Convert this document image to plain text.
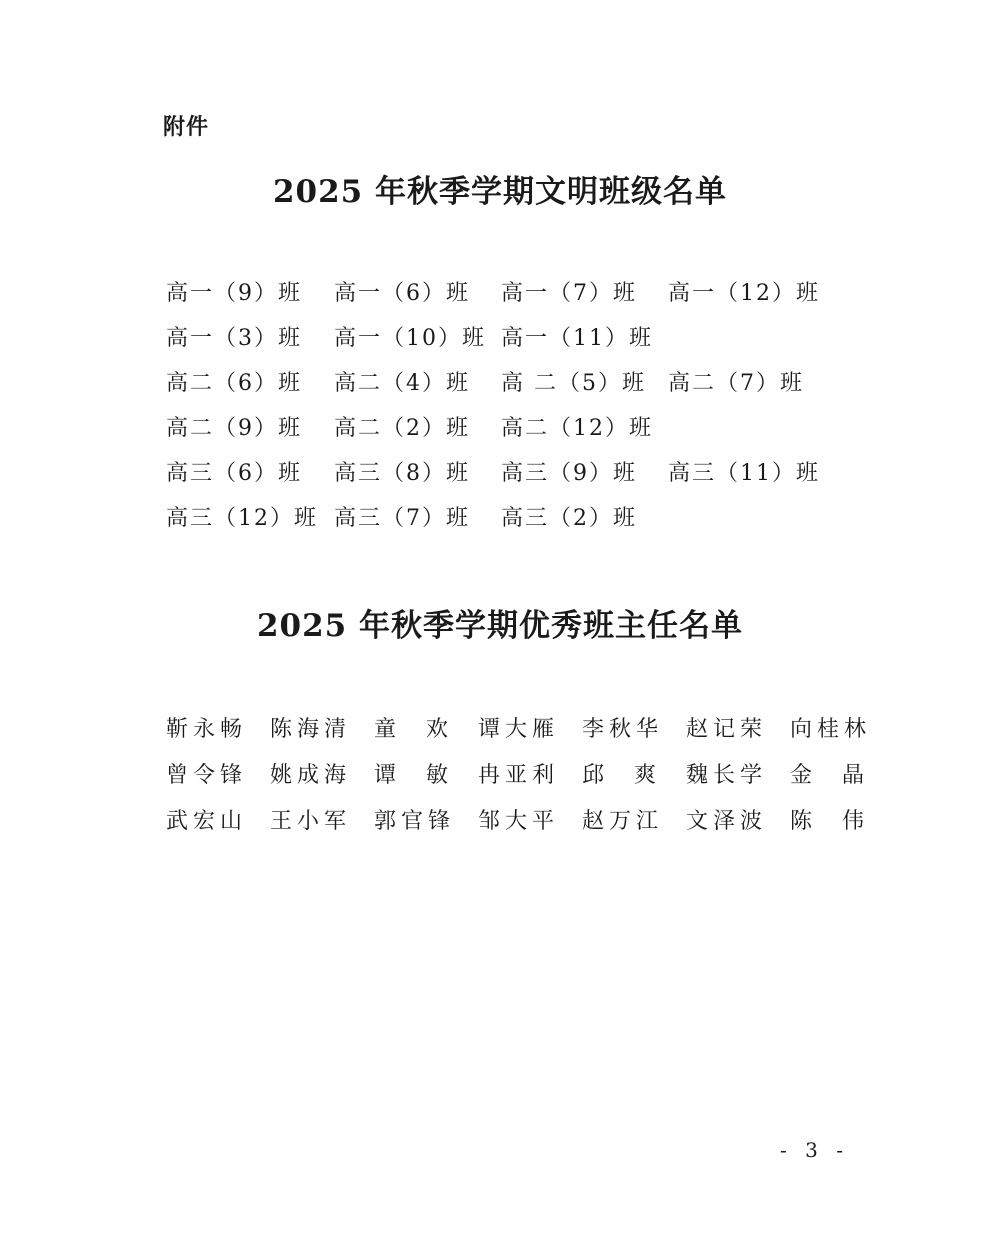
附件
2025 年秋季学期文明班级名单
高一（9）班 高一（6）班 高一（7）班 高一（12）班
高一（3）班 高一（10）班 高一（11）班
高二（6）班 高二（4）班 高 二（5）班 高二（7）班
高二（9）班 高二（2）班 高二（12）班
高三（6）班 高三（8）班 高三（9）班 高三（11）班
高三（12）班 高三（7）班 高三（2）班
2025 年秋季学期优秀班主任名单
靳 永 畅 陈 海 清 童 欢 谭 大 雁 李 秋 华 赵 记 荣 向 桂 林
曾 令 锋 姚 成 海 谭 敏 冉 亚 利 邱 爽 魏 长 学 金 晶
武 宏 山 王 小 军 郭 官 锋 邹 大 平 赵 万 江 文 泽 波 陈 伟
- 3 -
